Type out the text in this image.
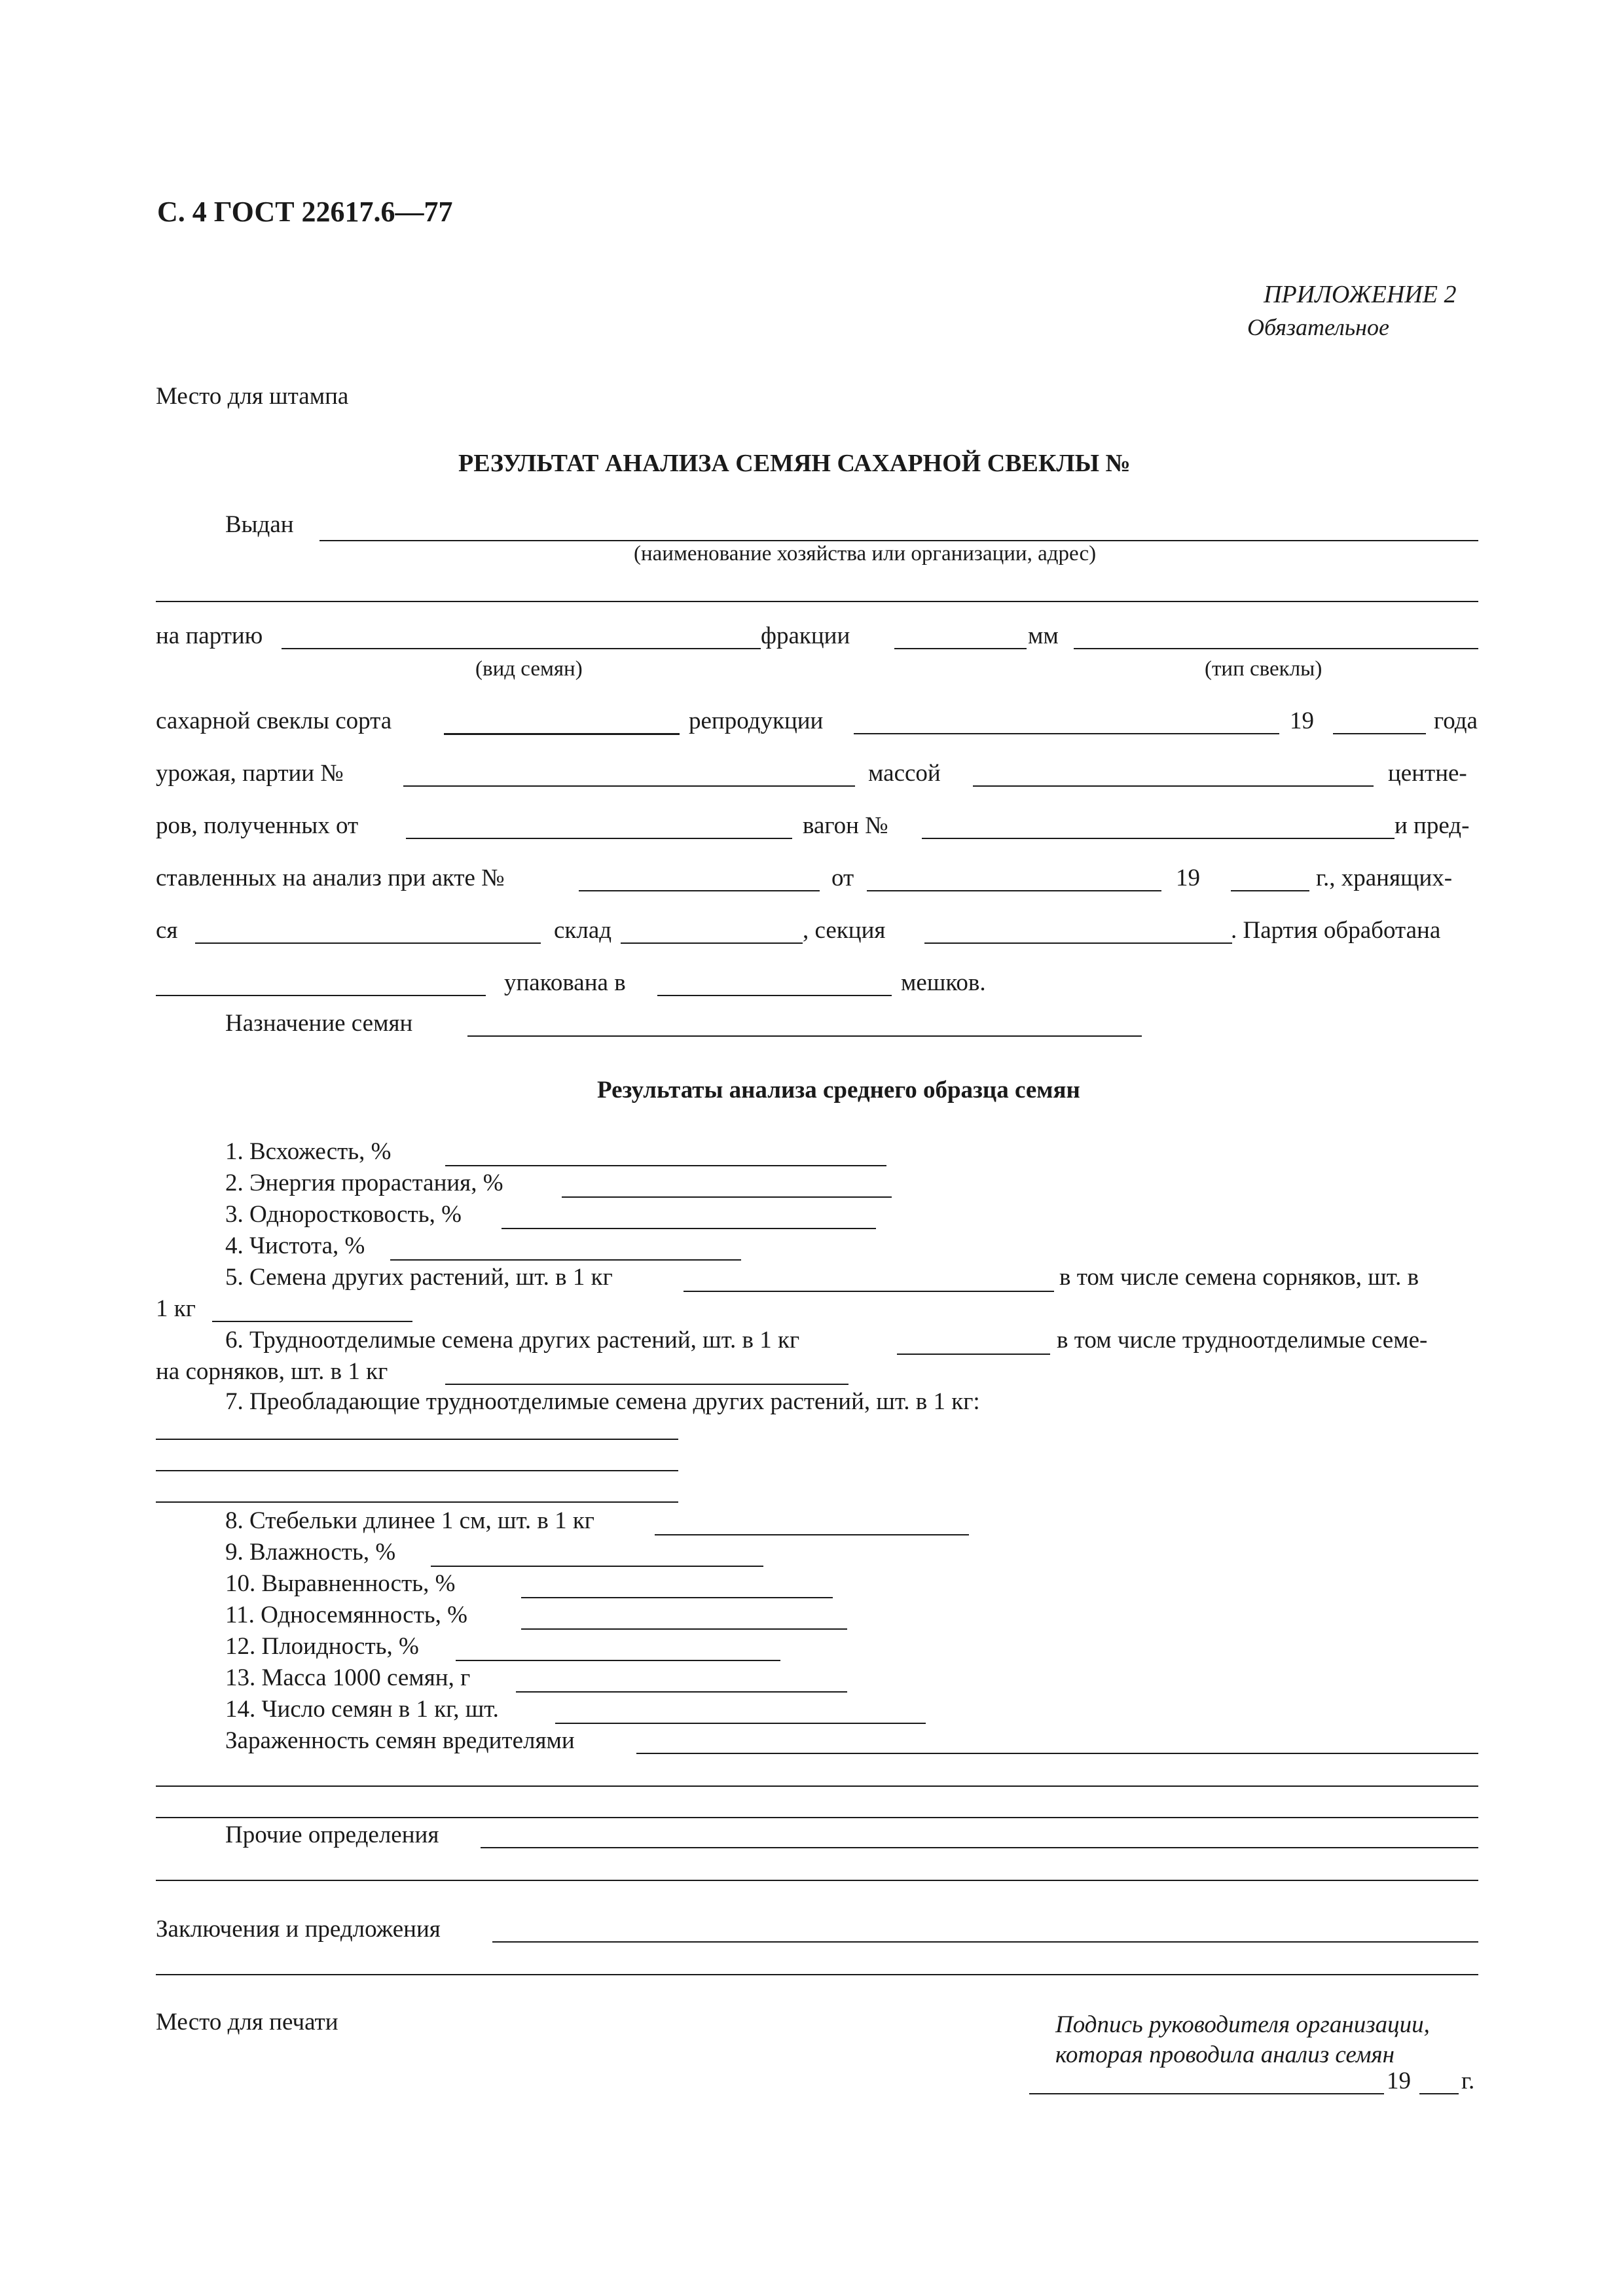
С. 4 ГОСТ 22617.6—77
ПРИЛОЖЕНИЕ 2
Обязательное
Место для штампа
РЕЗУЛЬТАТ АНАЛИЗА СЕМЯН САХАРНОЙ СВЕКЛЫ №
Выдан
(наименование хозяйства или организации, адрес)
на партию	фракции	мм
(вид семян)	(тип свеклы)
сахарной свеклы сорта	репродукции	19	года
урожая, партии №	массой	центне-
ров, полученных от	вагон №	и пред-
ставленных на анализ при акте №	от	19	г., хранящих-
ся	склад	, секция	. Партия обработана
упакована в	мешков.
Назначение семян
Результаты анализа среднего образца семян
1. Всхожесть, %
2. Энергия прорастания, %
3. Одноростковость, %
4. Чистота, %
5. Семена других растений, шт. в 1 кг	в том числе семена сорняков, шт. в
1 кг
6. Трудноотделимые семена других растений, шт. в 1 кг	в том числе трудноотделимые семе-
на сорняков, шт. в 1 кг
7. Преобладающие трудноотделимые семена других растений, шт. в 1 кг:
8. Стебельки длинее 1 см, шт. в 1 кг
9. Влажность, %
10. Выравненность, %
11. Односемянность, %
12. Плоидность, %
13. Масса 1000 семян, г
14. Число семян в 1 кг, шт.
Зараженность семян вредителями
Прочие определения
Заключения и предложения
Место для печати	Подпись руководителя организации,
которая проводила анализ семян
19 г.
